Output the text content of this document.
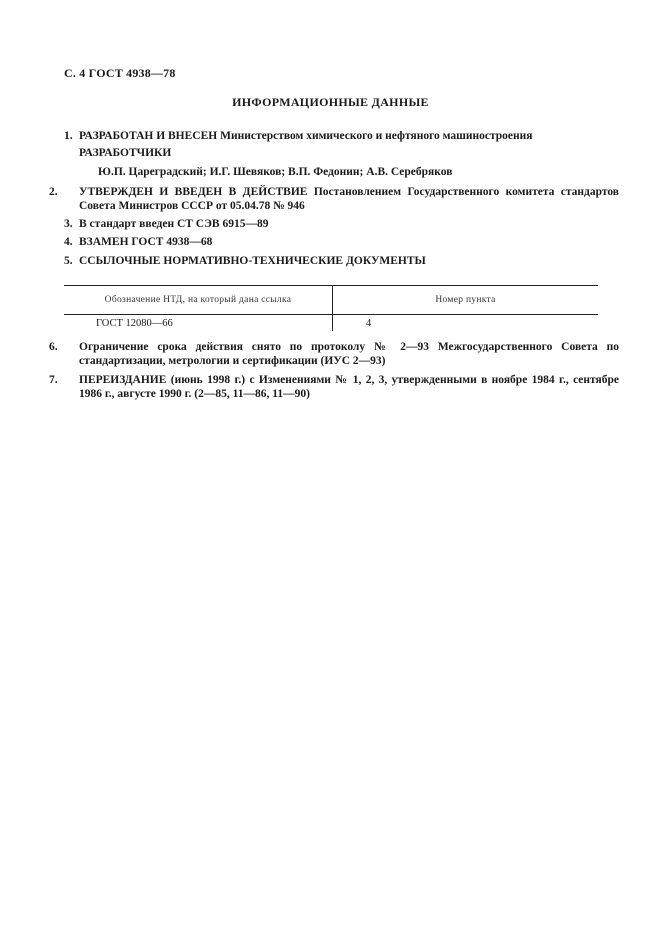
С. 4 ГОСТ 4938—78
ИНФОРМАЦИОННЫЕ ДАННЫЕ
1. РАЗРАБОТАН И ВНЕСЕН Министерством химического и нефтяного машиностроения
РАЗРАБОТЧИКИ
Ю.П. Цареградский; И.Г. Шевяков; В.П. Федонин; А.В. Серебряков
2. УТВЕРЖДЕН И ВВЕДЕН В ДЕЙСТВИЕ Постановлением Государственного комитета стандартов Совета Министров СССР от 05.04.78 № 946
3. В стандарт введен СТ СЭВ 6915—89
4. ВЗАМЕН ГОСТ 4938—68
5. ССЫЛОЧНЫЕ НОРМАТИВНО-ТЕХНИЧЕСКИЕ ДОКУМЕНТЫ
Обозначение НТД, на который дана ссылка	Номер пункта
ГОСТ 12080—66	4
6. Ограничение срока действия снято по протоколу № 2—93 Межгосударственного Совета по стандартизации, метрологии и сертификации (ИУС 2—93)
7. ПЕРЕИЗДАНИЕ (июнь 1998 г.) с Изменениями № 1, 2, 3, утвержденными в ноябре 1984 г., сентябре 1986 г., августе 1990 г. (2—85, 11—86, 11—90)
